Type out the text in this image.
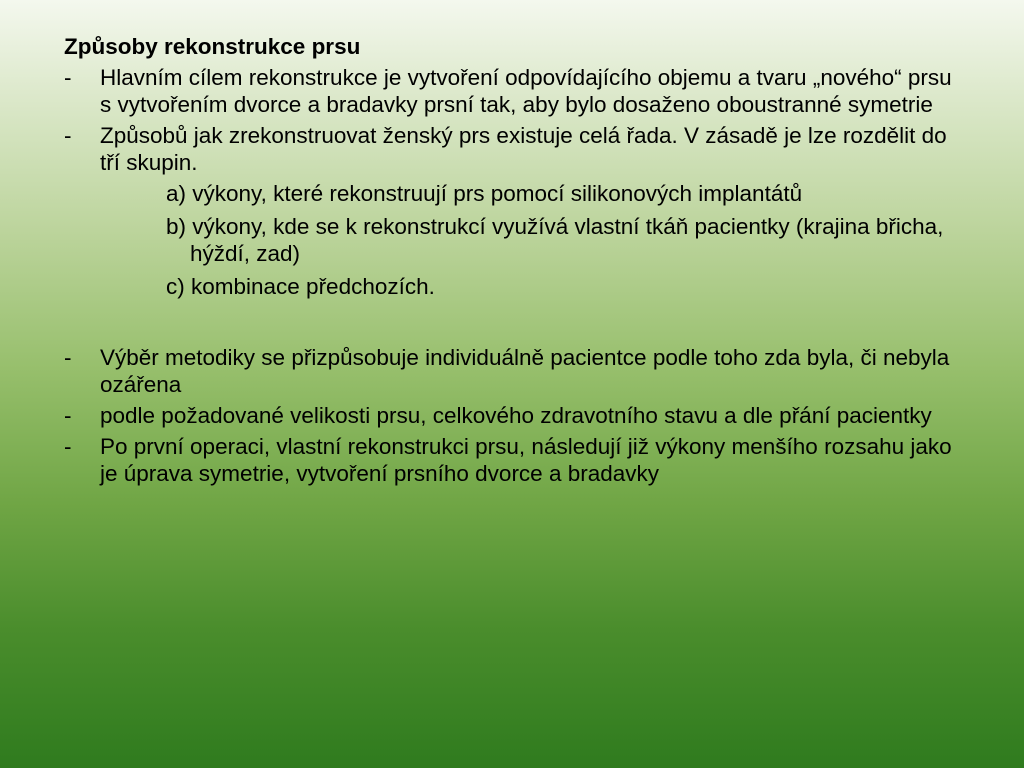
Způsoby rekonstrukce prsu
-	Hlavním cílem rekonstrukce je vytvoření odpovídajícího objemu a tvaru „nového“ prsu s vytvořením dvorce a bradavky prsní tak, aby bylo dosaženo oboustranné symetrie
-	Způsobů jak zrekonstruovat ženský prs existuje celá řada. V zásadě je lze rozdělit do tří skupin.
a) výkony, které rekonstruují prs pomocí silikonových implantátů
b) výkony, kde se k rekonstrukcí využívá vlastní tkáň pacientky (krajina břicha, hýždí, zad)
c) kombinace předchozích.
-	Výběr metodiky se přizpůsobuje individuálně pacientce podle toho zda byla, či nebyla ozářena
-	podle požadované velikosti prsu, celkového zdravotního stavu a dle přání pacientky
-	Po první operaci, vlastní rekonstrukci prsu, následují již výkony menšího rozsahu jako je úprava symetrie, vytvoření prsního dvorce a bradavky
